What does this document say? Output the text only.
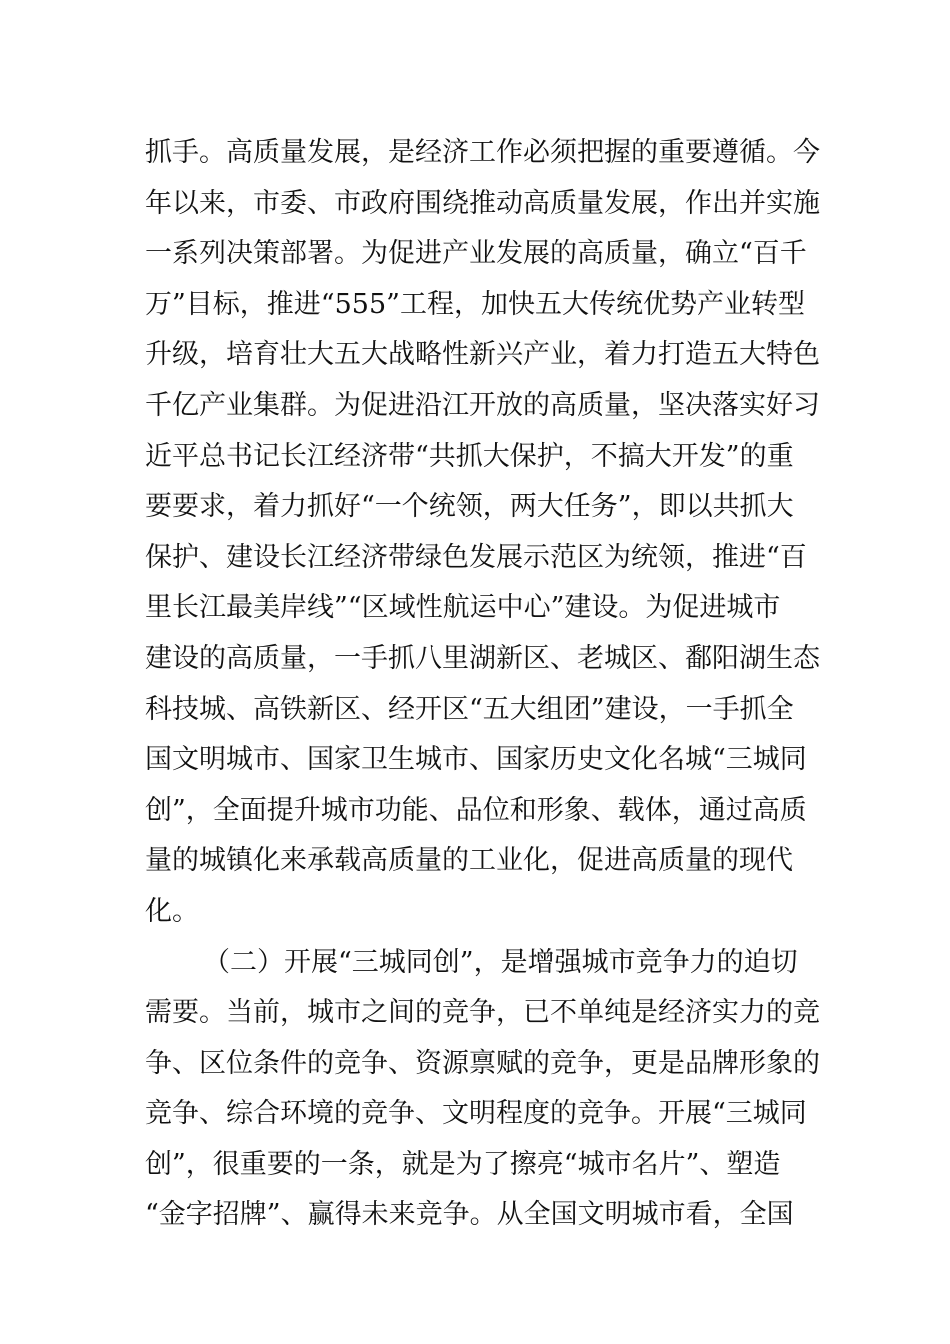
抓手。高质量发展，是经济工作必须把握的重要遵循。今
年以来，市委、市政府围绕推动高质量发展，作出并实施
一系列决策部署。为促进产业发展的高质量，确立“百千
万”目标，推进“555”工程，加快五大传统优势产业转型
升级，培育壮大五大战略性新兴产业，着力打造五大特色
千亿产业集群。为促进沿江开放的高质量，坚决落实好习
近平总书记长江经济带“共抓大保护，不搞大开发”的重
要要求，着力抓好“一个统领，两大任务”，即以共抓大
保护、建设长江经济带绿色发展示范区为统领，推进“百
里长江最美岸线”“区域性航运中心”建设。为促进城市
建设的高质量，一手抓八里湖新区、老城区、鄱阳湖生态
科技城、高铁新区、经开区“五大组团”建设，一手抓全
国文明城市、国家卫生城市、国家历史文化名城“三城同
创”，全面提升城市功能、品位和形象、载体，通过高质
量的城镇化来承载高质量的工业化，促进高质量的现代
化。
（二）开展“三城同创”，是增强城市竞争力的迫切
需要。当前，城市之间的竞争，已不单纯是经济实力的竞
争、区位条件的竞争、资源禀赋的竞争，更是品牌形象的
竞争、综合环境的竞争、文明程度的竞争。开展“三城同
创”，很重要的一条，就是为了擦亮“城市名片”、塑造
“金字招牌”、赢得未来竞争。从全国文明城市看，全国
